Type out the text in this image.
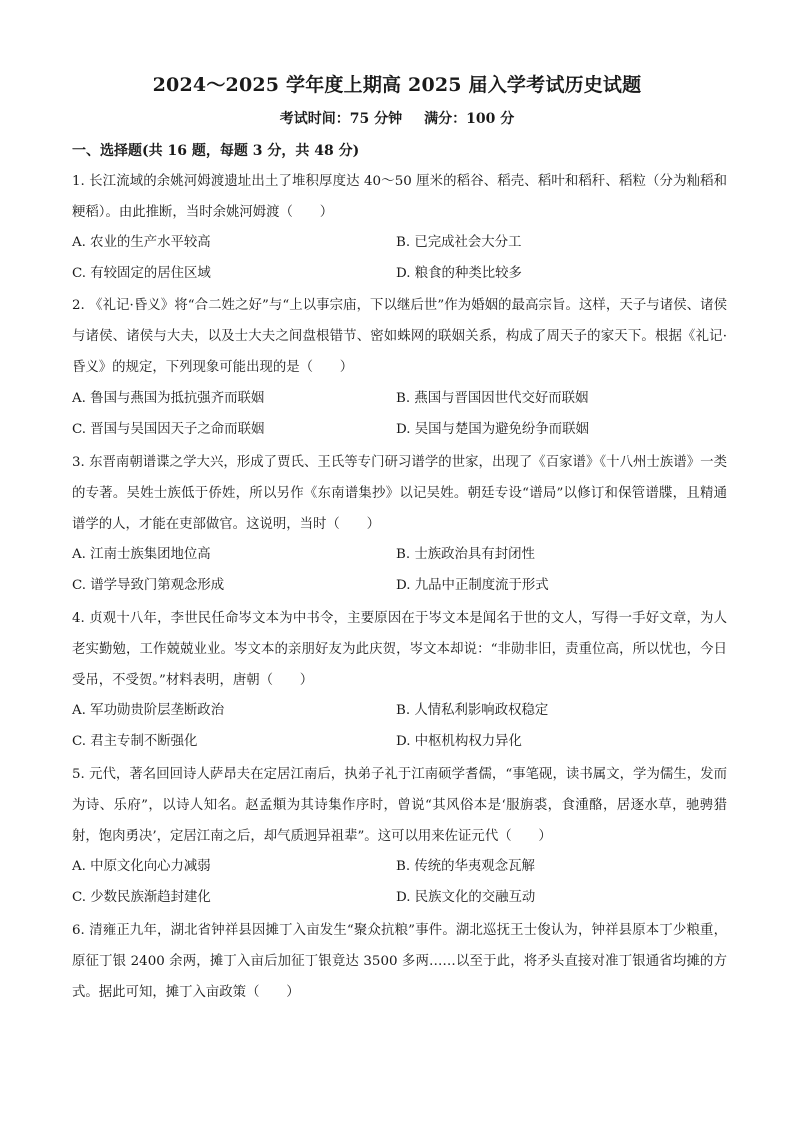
2024～2025 学年度上期高 2025 届入学考试历史试题
考试时间：75 分钟 满分：100 分
一、选择题(共 16 题，每题 3 分，共 48 分)

1. 长江流域的余姚河姆渡遗址出土了堆积厚度达 40～50 厘米的稻谷、稻壳、稻叶和稻秆、稻粒（分为籼稻和粳稻）。由此推断，当时余姚河姆渡（　　）

A. 农业的生产水平较高	B. 已完成社会大分工
C. 有较固定的居住区域	D. 粮食的种类比较多

2. 《礼记·昏义》将“合二姓之好”与“上以事宗庙，下以继后世”作为婚姻的最高宗旨。这样，天子与诸侯、诸侯与诸侯、诸侯与大夫，以及士大夫之间盘根错节、密如蛛网的联姻关系，构成了周天子的家天下。根据《礼记·昏义》的规定，下列现象可能出现的是（　　）

A. 鲁国与燕国为抵抗强齐而联姻	B. 燕国与晋国因世代交好而联姻
C. 晋国与吴国因天子之命而联姻	D. 吴国与楚国为避免纷争而联姻

3. 东晋南朝谱谍之学大兴，形成了贾氏、王氏等专门研习谱学的世家，出现了《百家谱》《十八州士族谱》一类的专著。吴姓士族低于侨姓，所以另作《东南谱集抄》以记吴姓。朝廷专设“谱局”以修订和保管谱牒，且精通谱学的人，才能在吏部做官。这说明，当时（　　）

A. 江南士族集团地位高	B. 士族政治具有封闭性
C. 谱学导致门第观念形成	D. 九品中正制度流于形式

4. 贞观十八年，李世民任命岑文本为中书令，主要原因在于岑文本是闻名于世的文人，写得一手好文章，为人老实勤勉，工作兢兢业业。岑文本的亲朋好友为此庆贺，岑文本却说：“非勋非旧，责重位高，所以忧也，今日受吊，不受贺。”材料表明，唐朝（　　）

A. 军功勋贵阶层垄断政治	B. 人情私利影响政权稳定
C. 君主专制不断强化	D. 中枢机构权力异化

5. 元代，著名回回诗人萨昂夫在定居江南后，执弟子礼于江南硕学耆儒，“事笔砚，读书属文，学为儒生，发而为诗、乐府”，以诗人知名。赵孟頫为其诗集作序时，曾说“其风俗本是‘服旃裘，食湩酪，居逐水草，驰骋猎射，饱肉勇决’，定居江南之后，却气质迥异祖辈”。这可以用来佐证元代（　　）

A. 中原文化向心力减弱	B. 传统的华夷观念瓦解
C. 少数民族渐趋封建化	D. 民族文化的交融互动

6. 清雍正九年，湖北省钟祥县因摊丁入亩发生“聚众抗粮”事件。湖北巡抚王士俊认为，钟祥县原本丁少粮重，原征丁银 2400 余两，摊丁入亩后加征丁银竟达 3500 多两……以至于此，将矛头直接对准丁银通省均摊的方式。据此可知，摊丁入亩政策（　　）
